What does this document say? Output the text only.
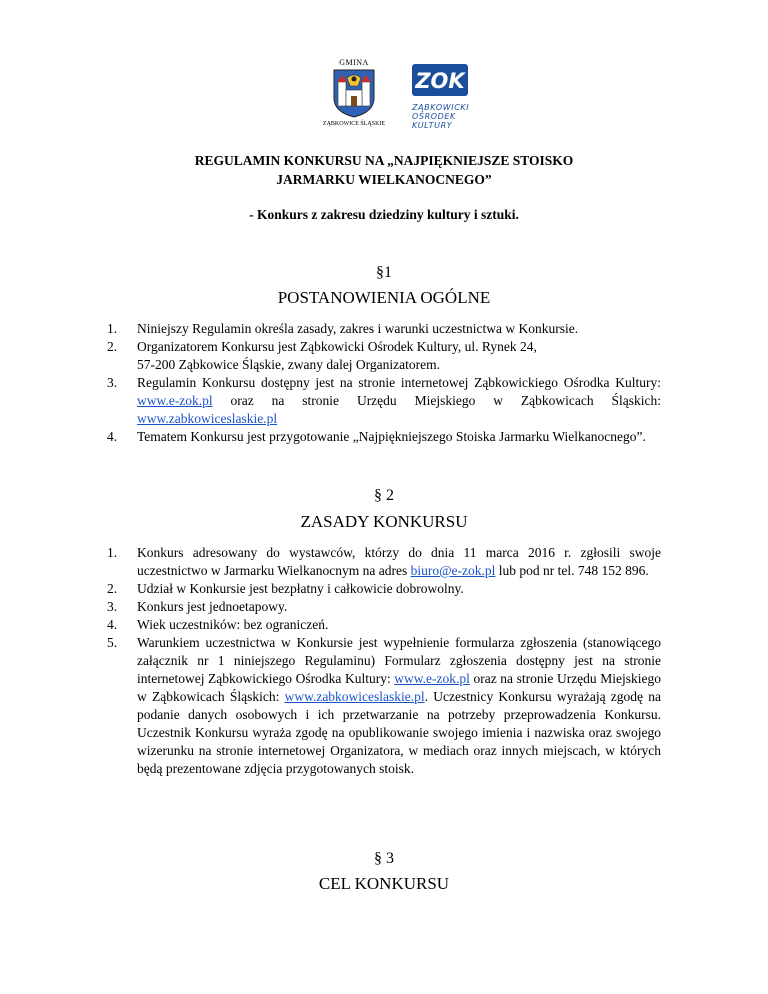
GMINA
ZĄBKOWICE ŚLĄSKIE
ZOK
ZĄBKOWICKI
OŚRODEK
KULTURY
REGULAMIN KONKURSU NA „NAJPIĘKNIEJSZE STOISKO
JARMARKU WIELKANOCNEGO”
- Konkurs z zakresu dziedziny kultury i sztuki.
§1
POSTANOWIENIA OGÓLNE
1. Niniejszy Regulamin określa zasady, zakres i warunki uczestnictwa w Konkursie.
2. Organizatorem Konkursu jest Ząbkowicki Ośrodek Kultury, ul. Rynek 24,
57-200 Ząbkowice Śląskie, zwany dalej Organizatorem.
3. Regulamin Konkursu dostępny jest na stronie internetowej Ząbkowickiego Ośrodka Kultury: www.e-zok.pl oraz na stronie Urzędu Miejskiego w Ząbkowicach Śląskich: www.zabkowiceslaskie.pl
4. Tematem Konkursu jest przygotowanie „Najpiękniejszego Stoiska Jarmarku Wielkanocnego”.
§ 2
ZASADY KONKURSU
1. Konkurs adresowany do wystawców, którzy do dnia 11 marca 2016 r. zgłosili swoje uczestnictwo w Jarmarku Wielkanocnym na adres biuro@e-zok.pl lub pod nr tel. 748 152 896.
2. Udział w Konkursie jest bezpłatny i całkowicie dobrowolny.
3. Konkurs jest jednoetapowy.
4. Wiek uczestników: bez ograniczeń.
5. Warunkiem uczestnictwa w Konkursie jest wypełnienie formularza zgłoszenia (stanowiącego załącznik nr 1 niniejszego Regulaminu) Formularz zgłoszenia dostępny jest na stronie internetowej Ząbkowickiego Ośrodka Kultury: www.e-zok.pl oraz na stronie Urzędu Miejskiego w Ząbkowicach Śląskich: www.zabkowiceslaskie.pl. Uczestnicy Konkursu wyrażają zgodę na podanie danych osobowych i ich przetwarzanie na potrzeby przeprowadzenia Konkursu. Uczestnik Konkursu wyraża zgodę na opublikowanie swojego imienia i nazwiska oraz swojego wizerunku na stronie internetowej Organizatora, w mediach oraz innych miejscach, w których będą prezentowane zdjęcia przygotowanych stoisk.
§ 3
CEL KONKURSU
